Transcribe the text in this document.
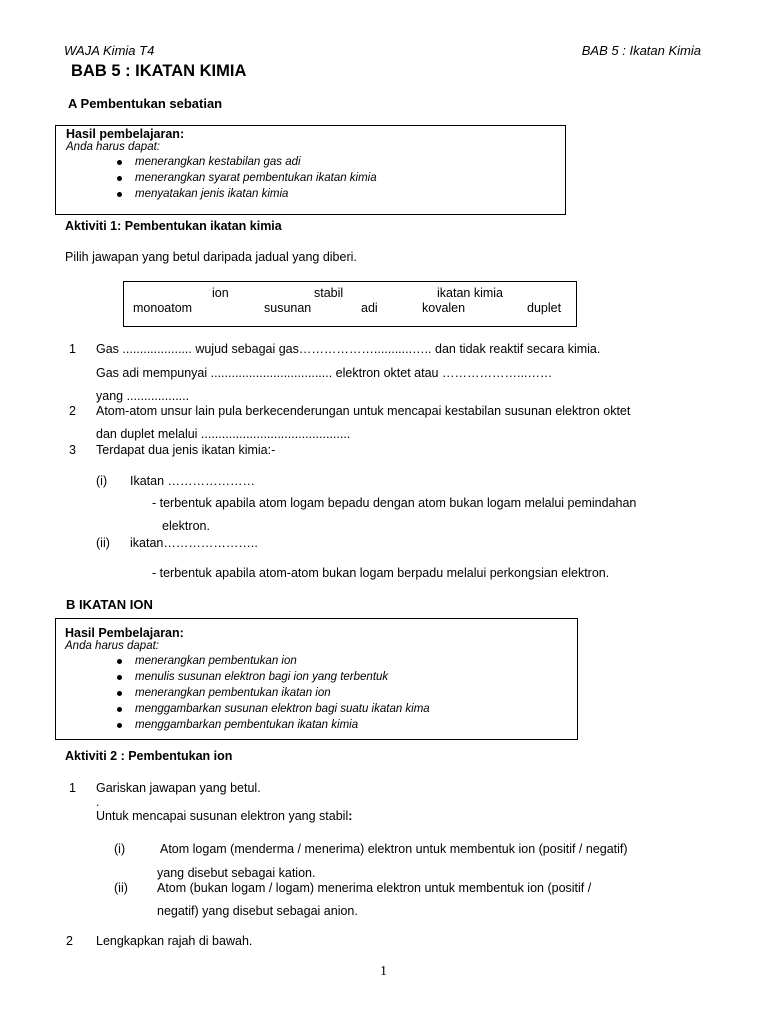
WAJA Kimia T4	BAB 5 : Ikatan Kimia
BAB 5 : IKATAN KIMIA
A Pembentukan sebatian
Hasil pembelajaran:
Anda harus dapat:
menerangkan kestabilan gas adi
menerangkan syarat pembentukan ikatan kimia
menyatakan jenis ikatan kimia
Aktiviti 1: Pembentukan ikatan kimia
Pilih jawapan yang betul daripada jadual yang diberi.
ion	stabil	ikatan kimia
monoatom	susunan	adi	kovalen	duplet
1 Gas .................... wujud sebagai gas………………...........….. dan tidak reaktif secara kimia.
Gas adi mempunyai ................................... elektron oktet atau ………………...……
yang ..................
2 Atom-atom unsur lain pula berkecenderungan untuk mencapai kestabilan susunan elektron oktet
dan duplet melalui ...........................................
3 Terdapat dua jenis ikatan kimia:-
(i) Ikatan …………………
- terbentuk apabila atom logam bepadu dengan atom bukan logam melalui pemindahan
elektron.
(ii) ikatan…………………..
- terbentuk apabila atom-atom bukan logam berpadu melalui perkongsian elektron.
B IKATAN ION
Hasil Pembelajaran:
Anda harus dapat:
menerangkan pembentukan ion
menulis susunan elektron bagi ion yang terbentuk
menerangkan pembentukan ikatan ion
menggambarkan susunan elektron bagi suatu ikatan kima
menggambarkan pembentukan ikatan kimia
Aktiviti 2 : Pembentukan ion
1 Gariskan jawapan yang betul.
.
Untuk mencapai susunan elektron yang stabil:
(i)	Atom logam (menderma / menerima) elektron untuk membentuk ion (positif / negatif)
yang disebut sebagai kation.
(ii) Atom (bukan logam / logam) menerima elektron untuk membentuk ion (positif /
negatif) yang disebut sebagai anion.
2 Lengkapkan rajah di bawah.
1
